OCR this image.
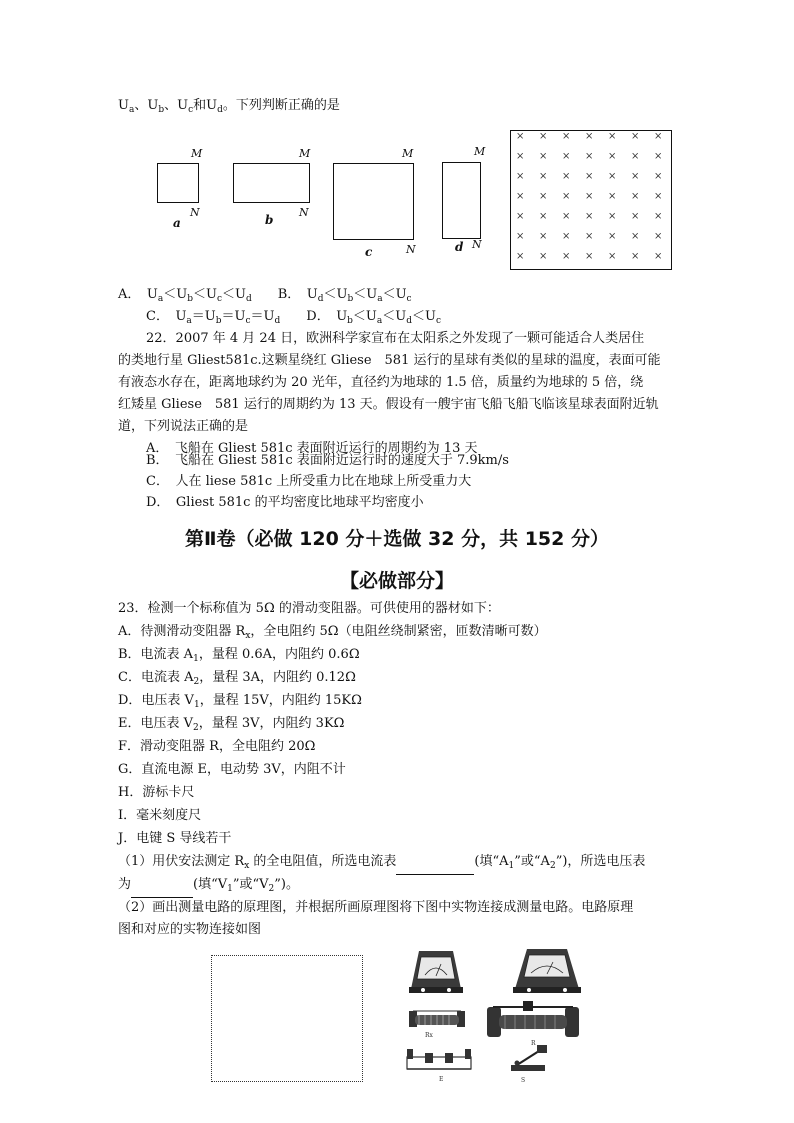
$U_a$、$U_b$、$U_c$和$U_d$。下列判断正确的是
M
N
a
M
N
b
M
N
c
M
N
d
× × × × × × ×
× × × × × × ×
× × × × × × ×
× × × × × × ×
× × × × × × ×
× × × × × × ×
× × × × × × ×
A．　$U_a<U_b<U_c<U_d$　　B．　$U_d<U_b<U_a<U_c$
C．　$U_a=U_b=U_c=U_d$　　D．　$U_b<U_a<U_d<U_c$
22．2007 年 4 月 24 日，欧洲科学家宣布在太阳系之外发现了一颗可能适合人类居住
的类地行星 Gliest581c.这颗星绕红 Gliese　581 运行的星球有类似的星球的温度，表面可能
有液态水存在，距离地球约为 20 光年，直径约为地球的 1.5 倍，质量约为地球的 5 倍，绕
红矮星 Gliese　581 运行的周期约为 13 天。假设有一艘宇宙飞船飞船飞临该星球表面附近轨
道，下列说法正确的是
A．　飞船在 Gliest 581c 表面附近运行的周期约为 13 天
B．　飞船在 Gliest 581c 表面附近运行时的速度大于 7.9km/s
C．　人在 liese 581c 上所受重力比在地球上所受重力大
D．　Gliest 581c 的平均密度比地球平均密度小
第Ⅱ卷（必做 120 分＋选做 32 分，共 152 分）
【必做部分】
23．检测一个标称值为 5Ω 的滑动变阻器。可供使用的器材如下：
A．待测滑动变阻器 $R_x$，全电阻约 5Ω（电阻丝绕制紧密，匝数清晰可数）
B．电流表 $A_1$，量程 0.6A，内阻约 0.6Ω
C．电流表 $A_2$，量程 3A，内阻约 0.12Ω
D．电压表 $V_1$，量程 15V，内阻约 15KΩ
E．电压表 $V_2$，量程 3V，内阻约 3KΩ
F．滑动变阻器 R，全电阻约 20Ω
G．直流电源 E，电动势 3V，内阻不计
H．游标卡尺
I．毫米刻度尺
J．电键 S 导线若干
（1）用伏安法测定 $R_x$ 的全电阻值，所选电流表	(填“$A_1$”或“$A_2$”)，所选电压表
为	(填“$V_1$”或“$V_2$”)。
（2）画出测量电路的原理图，并根据所画原理图将下图中实物连接成测量电路。电路原理
图和对应的实物连接如图
Rx
R
E	S
